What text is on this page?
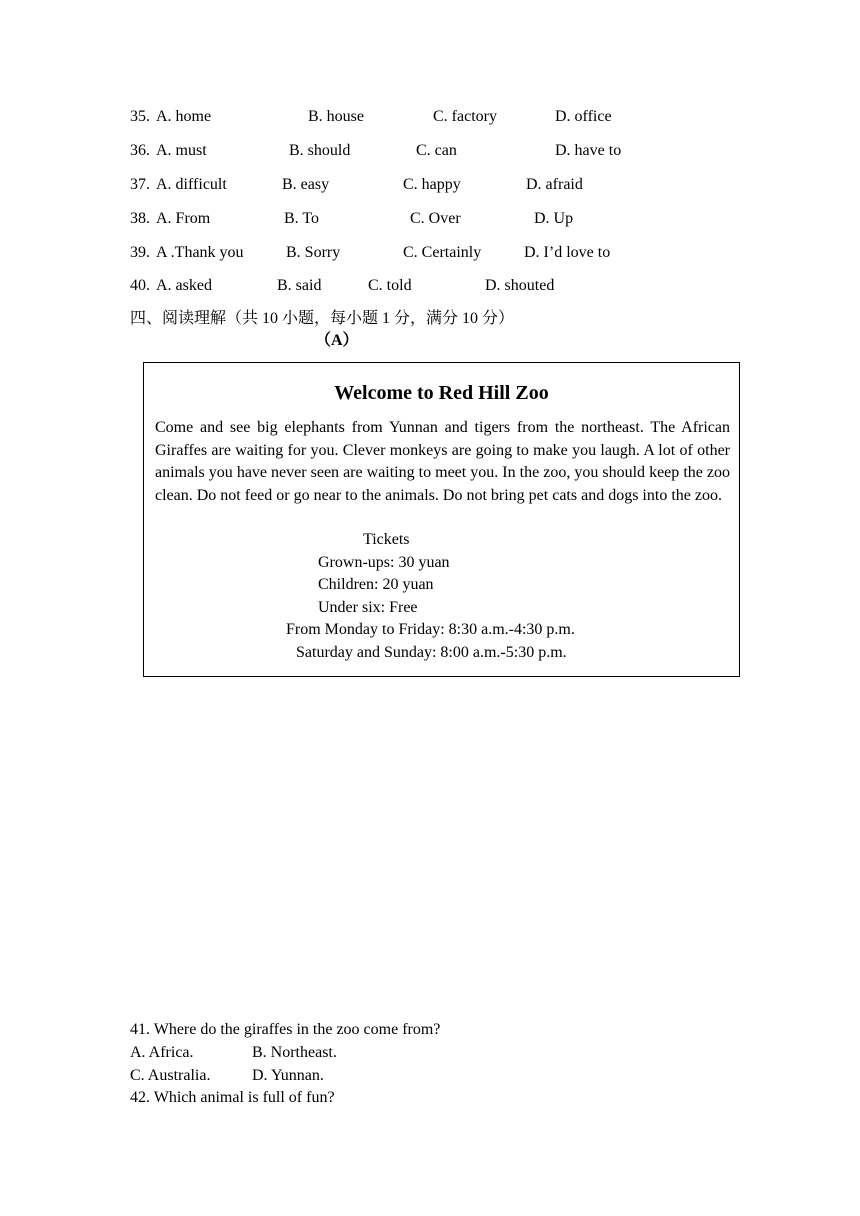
35. A. home	B. house	C. factory	D. office
36. A. must	B. should	C. can	D. have to
37. A. difficult	B. easy	C. happy	D. afraid
38. A. From	B. To	C. Over	D. Up
39. A .Thank you	B. Sorry	C. Certainly	D. I’d love to
40. A. asked	B. said	C. told	D. shouted
四、阅读理解（共 10 小题，每小题 1 分，满分 10 分）
（A）
Welcome to Red Hill Zoo
Come and see big elephants from Yunnan and tigers from the northeast. The African Giraffes are waiting for you. Clever monkeys are going to make you laugh. A lot of other animals you have never seen are waiting to meet you. In the zoo, you should keep the zoo clean. Do not feed or go near to the animals. Do not bring pet cats and dogs into the zoo.
Tickets
Grown-ups: 30 yuan
Children: 20 yuan
Under six: Free
From Monday to Friday: 8:30 a.m.-4:30 p.m.
Saturday and Sunday: 8:00 a.m.-5:30 p.m.
41. Where do the giraffes in the zoo come from?
A. Africa.	B. Northeast.
C. Australia.	D. Yunnan.
42. Which animal is full of fun?
